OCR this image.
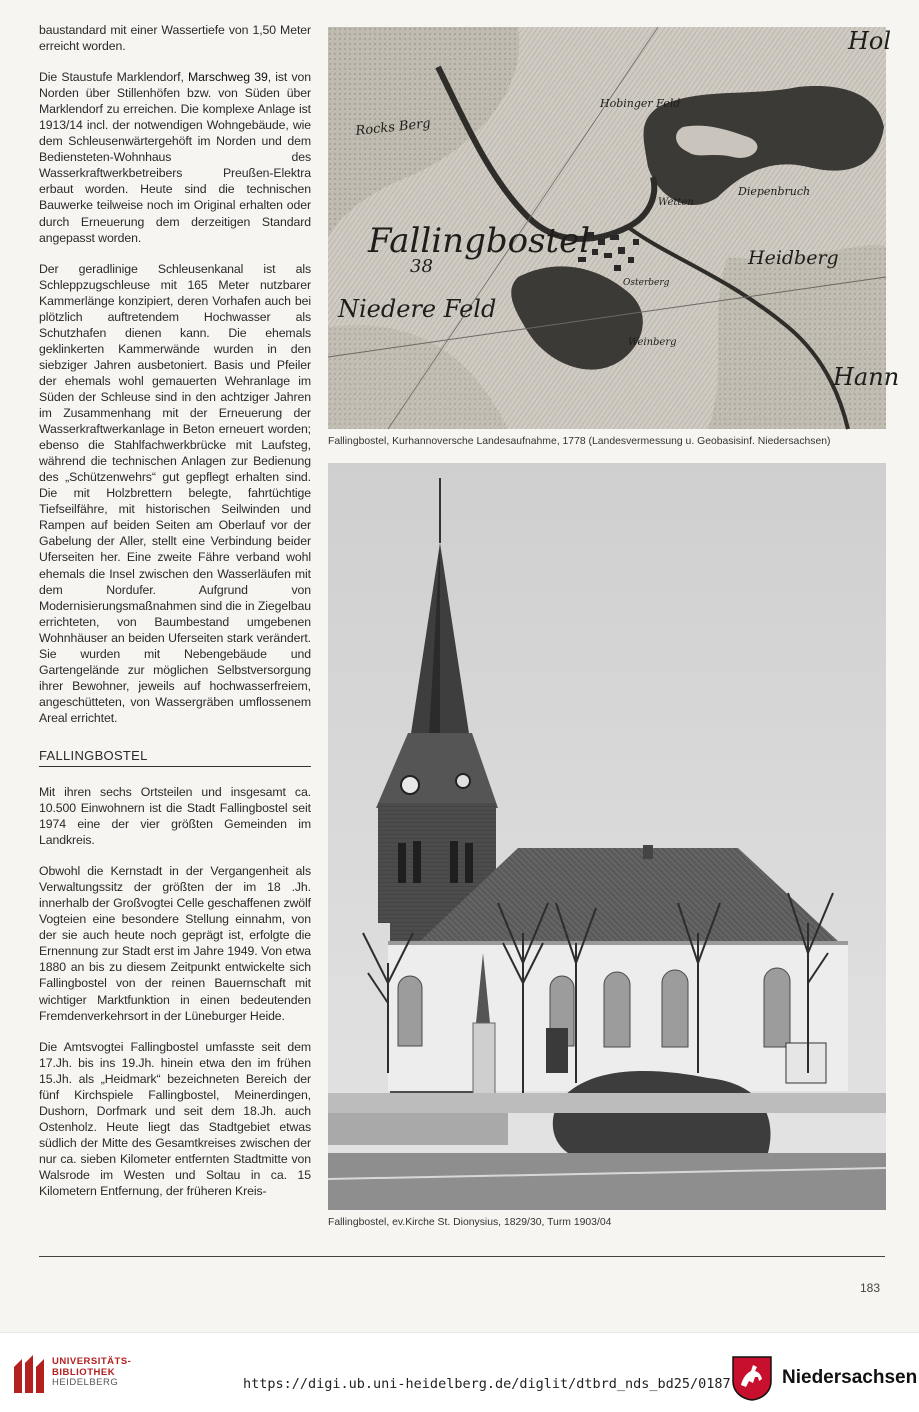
baustandard mit einer Wassertiefe von 1,50 Meter erreicht worden.

Die Staustufe Marklendorf, Marschweg 39, ist von Norden über Stillenhöfen bzw. von Süden über Marklendorf zu erreichen. Die komplexe Anlage ist 1913/14 incl. der notwendigen Wohngebäude, wie dem Schleusenwärtergehöft im Norden und dem Bediensteten-Wohnhaus des Wasserkraftwerkbetreibers Preußen-Elektra erbaut worden. Heute sind die technischen Bauwerke teilweise noch im Original erhalten oder durch Erneuerung dem derzeitigen Standard angepasst worden.

Der geradlinige Schleusenkanal ist als Schleppzugschleuse mit 165 Meter nutzbarer Kammerlänge konzipiert, deren Vorhafen auch bei plötzlich auftretendem Hochwasser als Schutzhafen dienen kann. Die ehemals geklinkerten Kammerwände wurden in den siebziger Jahren ausbetoniert. Basis und Pfeiler der ehemals wohl gemauerten Wehranlage im Süden der Schleuse sind in den achtziger Jahren im Zusammenhang mit der Erneuerung der Wasserkraftwerkanlage in Beton erneuert worden; ebenso die Stahlfachwerkbrücke mit Laufsteg, während die technischen Anlagen zur Bedienung des „Schützenwehrs“ gut gepflegt erhalten sind. Die mit Holzbrettern belegte, fahrtüchtige Tiefseilfähre, mit historischen Seilwinden und Rampen auf beiden Seiten am Oberlauf vor der Gabelung der Aller, stellt eine Verbindung beider Uferseiten her. Eine zweite Fähre verband wohl ehemals die Insel zwischen den Wasserläufen mit dem Nordufer. Aufgrund von Modernisierungsmaßnahmen sind die in Ziegelbau errichteten, von Baumbestand umgebenen Wohnhäuser an beiden Uferseiten stark verändert. Sie wurden mit Nebengebäude und Gartengelände zur möglichen Selbstversorgung ihrer Bewohner, jeweils auf hochwasserfreiem, angeschütteten, von Wassergräben umflossenem Areal errichtet.

FALLINGBOSTEL

Mit ihren sechs Ortsteilen und insgesamt ca. 10.500 Einwohnern ist die Stadt Fallingbostel seit 1974 eine der vier größten Gemeinden im Landkreis.

Obwohl die Kernstadt in der Vergangenheit als Verwaltungssitz der größten der im 18 .Jh. innerhalb der Großvogtei Celle geschaffenen zwölf Vogteien eine besondere Stellung einnahm, von der sie auch heute noch geprägt ist, erfolgte die Ernennung zur Stadt erst im Jahre 1949. Von etwa 1880 an bis zu diesem Zeitpunkt entwickelte sich Fallingbostel von der reinen Bauernschaft mit wichtiger Marktfunktion in einen bedeutenden Fremdenverkehrsort in der Lüneburger Heide.

Die Amtsvogtei Fallingbostel umfasste seit dem 17.Jh. bis ins 19.Jh. hinein etwa den im frühen 15.Jh. als „Heidmark“ bezeichneten Bereich der fünf Kirchspiele Fallingbostel, Meinerdingen, Dushorn, Dorfmark und seit dem 18.Jh. auch Ostenholz. Heute liegt das Stadtgebiet etwas südlich der Mitte des Gesamtkreises zwischen der nur ca. sieben Kilometer entfernten Stadtmitte von Walsrode im Westen und Soltau in ca. 15 Kilometern Entfernung, der früheren Kreis-

Fallingbostel
38
Niedere Feld
Heidberg
Rocks Berg
Hobinger Feld
Wetten
Diepenbruch
Weinberg
Osterberg
Hol
Hann
Fallingbostel, Kurhannoversche Landesaufnahme, 1778 (Landesvermessung u. Geobasisinf. Niedersachsen)
Fallingbostel, ev.Kirche St. Dionysius, 1829/30, Turm 1903/04
183
UNIVERSITÄTS-
BIBLIOTHEK
HEIDELBERG	https://digi.ub.uni-heidelberg.de/diglit/dtbrd_nds_bd25/0187	Niedersachsen
